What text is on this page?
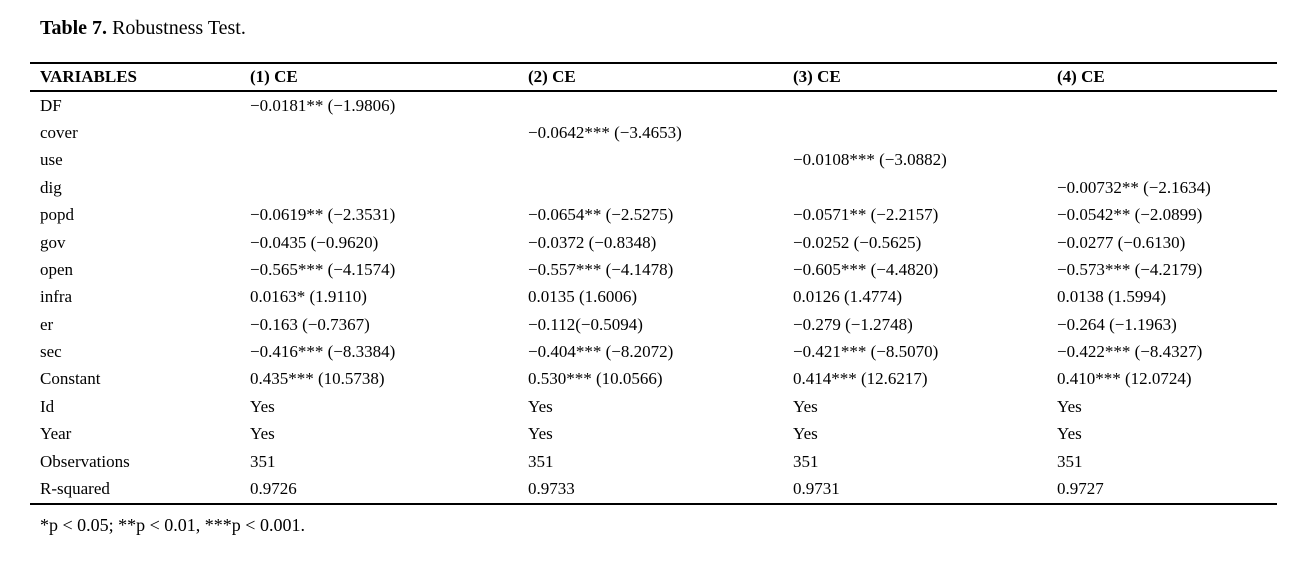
Table 7. Robustness Test.
VARIABLES	(1) CE	(2) CE	(3) CE	(4) CE
DF	−0.0181** (−1.9806)			
cover		−0.0642*** (−3.4653)		
use			−0.0108*** (−3.0882)	
dig				−0.00732** (−2.1634)
popd	−0.0619** (−2.3531)	−0.0654** (−2.5275)	−0.0571** (−2.2157)	−0.0542** (−2.0899)
gov	−0.0435 (−0.9620)	−0.0372 (−0.8348)	−0.0252 (−0.5625)	−0.0277 (−0.6130)
open	−0.565*** (−4.1574)	−0.557*** (−4.1478)	−0.605*** (−4.4820)	−0.573*** (−4.2179)
infra	0.0163* (1.9110)	0.0135 (1.6006)	0.0126 (1.4774)	0.0138 (1.5994)
er	−0.163 (−0.7367)	−0.112(−0.5094)	−0.279 (−1.2748)	−0.264 (−1.1963)
sec	−0.416*** (−8.3384)	−0.404*** (−8.2072)	−0.421*** (−8.5070)	−0.422*** (−8.4327)
Constant	0.435*** (10.5738)	0.530*** (10.0566)	0.414*** (12.6217)	0.410*** (12.0724)
Id	Yes	Yes	Yes	Yes
Year	Yes	Yes	Yes	Yes
Observations	351	351	351	351
R-squared	0.9726	0.9733	0.9731	0.9727

*p < 0.05; **p < 0.01, ***p < 0.001.
